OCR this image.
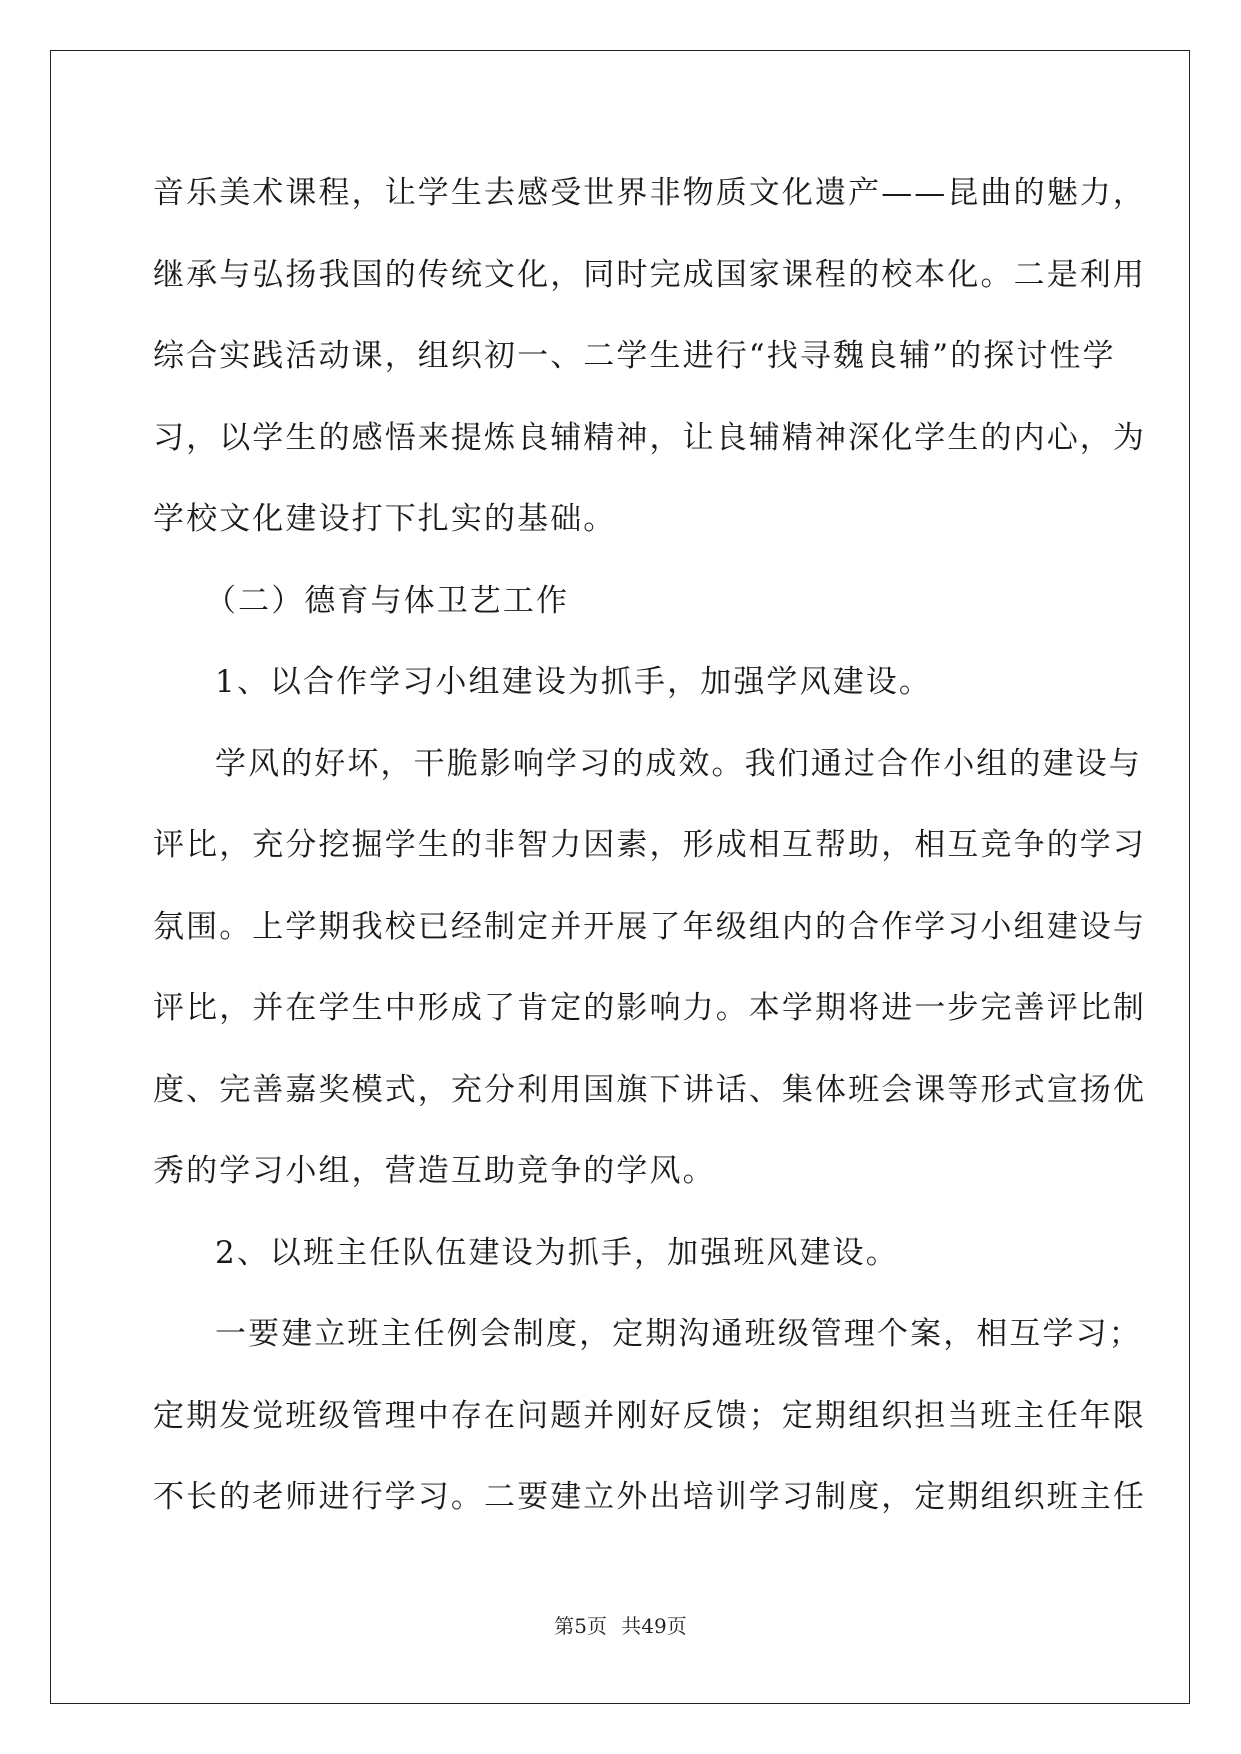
音乐美术课程，让学生去感受世界非物质文化遗产——昆曲的魅力，
继承与弘扬我国的传统文化，同时完成国家课程的校本化。二是利用
综合实践活动课，组织初一、二学生进行“找寻魏良辅”的探讨性学
习，以学生的感悟来提炼良辅精神，让良辅精神深化学生的内心，为
学校文化建设打下扎实的基础。
（二）德育与体卫艺工作
1、以合作学习小组建设为抓手，加强学风建设。
学风的好坏，干脆影响学习的成效。我们通过合作小组的建设与
评比，充分挖掘学生的非智力因素，形成相互帮助，相互竞争的学习
氛围。上学期我校已经制定并开展了年级组内的合作学习小组建设与
评比，并在学生中形成了肯定的影响力。本学期将进一步完善评比制
度、完善嘉奖模式，充分利用国旗下讲话、集体班会课等形式宣扬优
秀的学习小组，营造互助竞争的学风。
2、以班主任队伍建设为抓手，加强班风建设。
一要建立班主任例会制度，定期沟通班级管理个案，相互学习；
定期发觉班级管理中存在问题并刚好反馈；定期组织担当班主任年限
不长的老师进行学习。二要建立外出培训学习制度，定期组织班主任
第5页 共49页
